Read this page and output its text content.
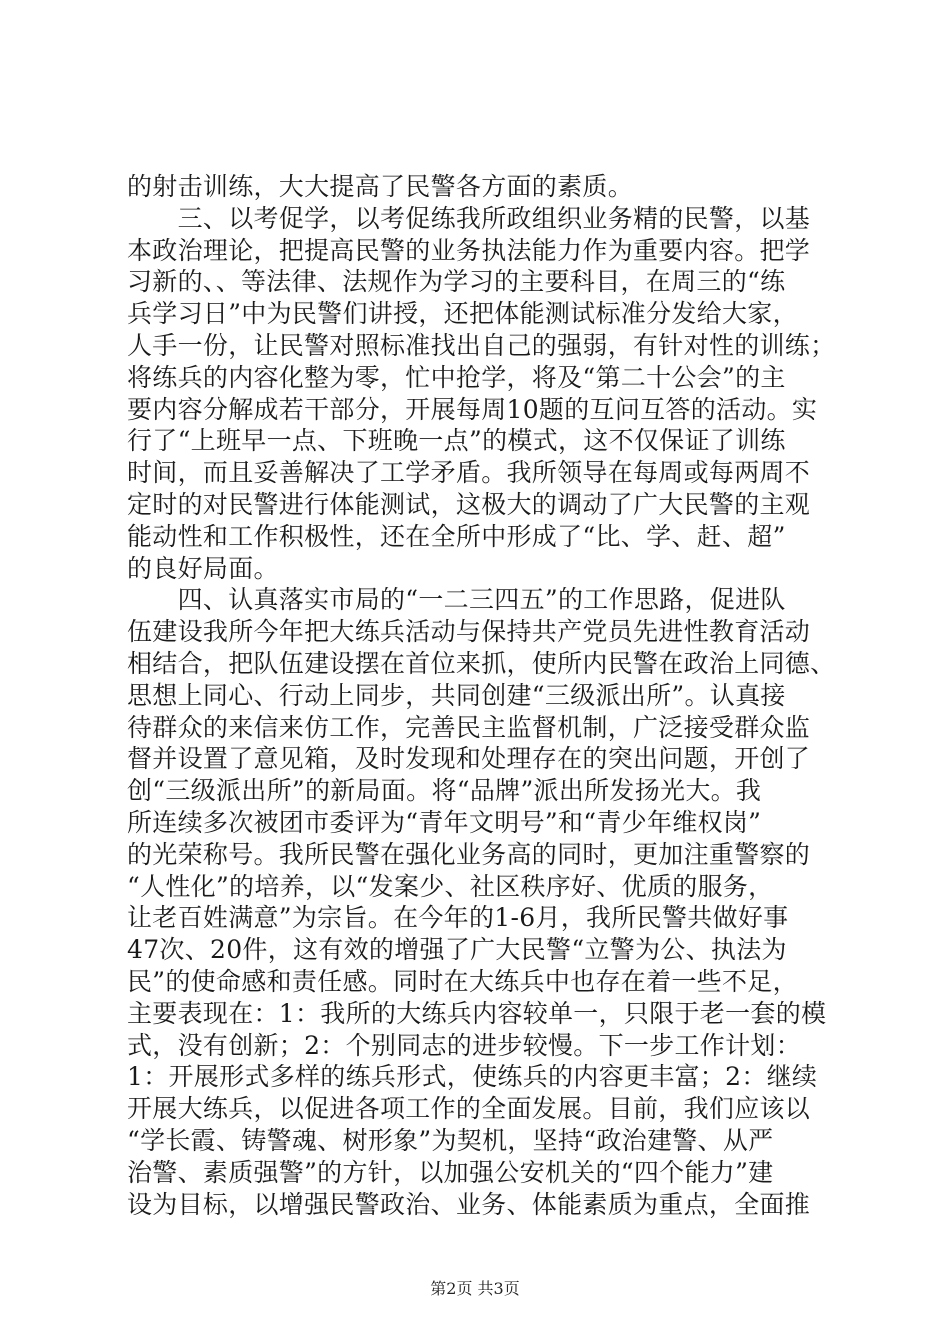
的射击训练，大大提高了民警各方面的素质。
　　三、以考促学，以考促练我所政组织业务精的民警，以基
本政治理论，把提高民警的业务执法能力作为重要内容。把学
习新的、、等法律、法规作为学习的主要科目，在周三的“练
兵学习日”中为民警们讲授，还把体能测试标准分发给大家，
人手一份，让民警对照标准找出自己的强弱，有针对性的训练；
将练兵的内容化整为零，忙中抢学，将及“第二十公会”的主
要内容分解成若干部分，开展每周10题的互问互答的活动。实
行了“上班早一点、下班晚一点”的模式，这不仅保证了训练
时间，而且妥善解决了工学矛盾。我所领导在每周或每两周不
定时的对民警进行体能测试，这极大的调动了广大民警的主观
能动性和工作积极性，还在全所中形成了“比、学、赶、超”
的良好局面。
　　四、认真落实市局的“一二三四五”的工作思路，促进队
伍建设我所今年把大练兵活动与保持共产党员先进性教育活动
相结合，把队伍建设摆在首位来抓，使所内民警在政治上同德、
思想上同心、行动上同步，共同创建“三级派出所”。认真接
待群众的来信来仿工作，完善民主监督机制，广泛接受群众监
督并设置了意见箱，及时发现和处理存在的突出问题，开创了
创“三级派出所”的新局面。将“品牌”派出所发扬光大。我
所连续多次被团市委评为“青年文明号”和“青少年维权岗”
的光荣称号。我所民警在强化业务高的同时，更加注重警察的
“人性化”的培养，以“发案少、社区秩序好、优质的服务，
让老百姓满意”为宗旨。在今年的1-6月，我所民警共做好事
47次、20件，这有效的增强了广大民警“立警为公、执法为
民”的使命感和责任感。同时在大练兵中也存在着一些不足，
主要表现在：1：我所的大练兵内容较单一，只限于老一套的模
式，没有创新；2：个别同志的进步较慢。下一步工作计划：
1：开展形式多样的练兵形式，使练兵的内容更丰富；2：继续
开展大练兵，以促进各项工作的全面发展。目前，我们应该以
“学长霞、铸警魂、树形象”为契机，坚持“政治建警、从严
治警、素质强警”的方针，以加强公安机关的“四个能力”建
设为目标，以增强民警政治、业务、体能素质为重点，全面推
第2页 共3页
